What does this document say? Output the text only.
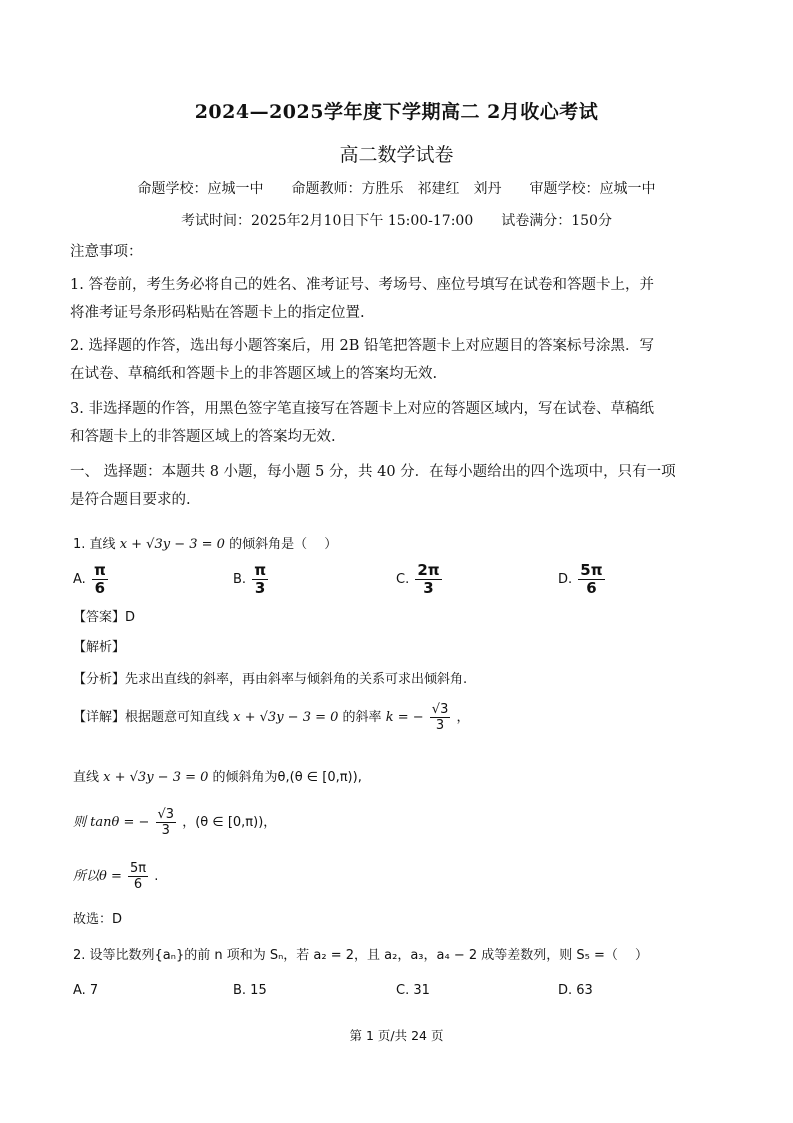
2024—2025学年度下学期高二 2月收心考试
高二数学试卷
命题学校：应城一中　　命题教师：方胜乐　祁建红　刘丹　　审题学校：应城一中
考试时间：2025年2月10日下午 15:00-17:00　　试卷满分：150分
注意事项：
1. 答卷前，考生务必将自己的姓名、准考证号、考场号、座位号填写在试卷和答题卡上，并
将准考证号条形码粘贴在答题卡上的指定位置.
2. 选择题的作答，选出每小题答案后，用 2B 铅笔把答题卡上对应题目的答案标号涂黑．写
在试卷、草稿纸和答题卡上的非答题区域上的答案均无效.
3. 非选择题的作答，用黑色签字笔直接写在答题卡上对应的答题区域内，写在试卷、草稿纸
和答题卡上的非答题区域上的答案均无效.
一、 选择题：本题共 8 小题，每小题 5 分，共 40 分．在每小题给出的四个选项中，只有一项
是符合题目要求的.
1. 直线 x + √3y − 3 = 0 的倾斜角是（　 ）
A. $\frac{\pi}{6}$	B. $\frac{\pi}{3}$	C. $\frac{2\pi}{3}$	D. $\frac{5\pi}{6}$
【答案】D
【解析】
【分析】先求出直线的斜率，再由斜率与倾斜角的关系可求出倾斜角.
【详解】根据题意可知直线 x + √3y − 3 = 0 的斜率 k = − $\frac{√3}{3}$ ，
直线 x + √3y − 3 = 0 的倾斜角为θ,(θ ∈ [0,π)),
则 tanθ = − $\frac{√3}{3}$ ，(θ ∈ [0,π))，
所以$\theta = \frac{5\pi}{6}$ .
故选：D
2. 设等比数列{aₙ}的前 n 项和为 Sₙ，若 a₂ = 2，且 a₂，a₃，a₄ − 2 成等差数列，则 S₅ =（　 ）
A. 7	B. 15	C. 31	D. 63
第 1 页/共 24 页
